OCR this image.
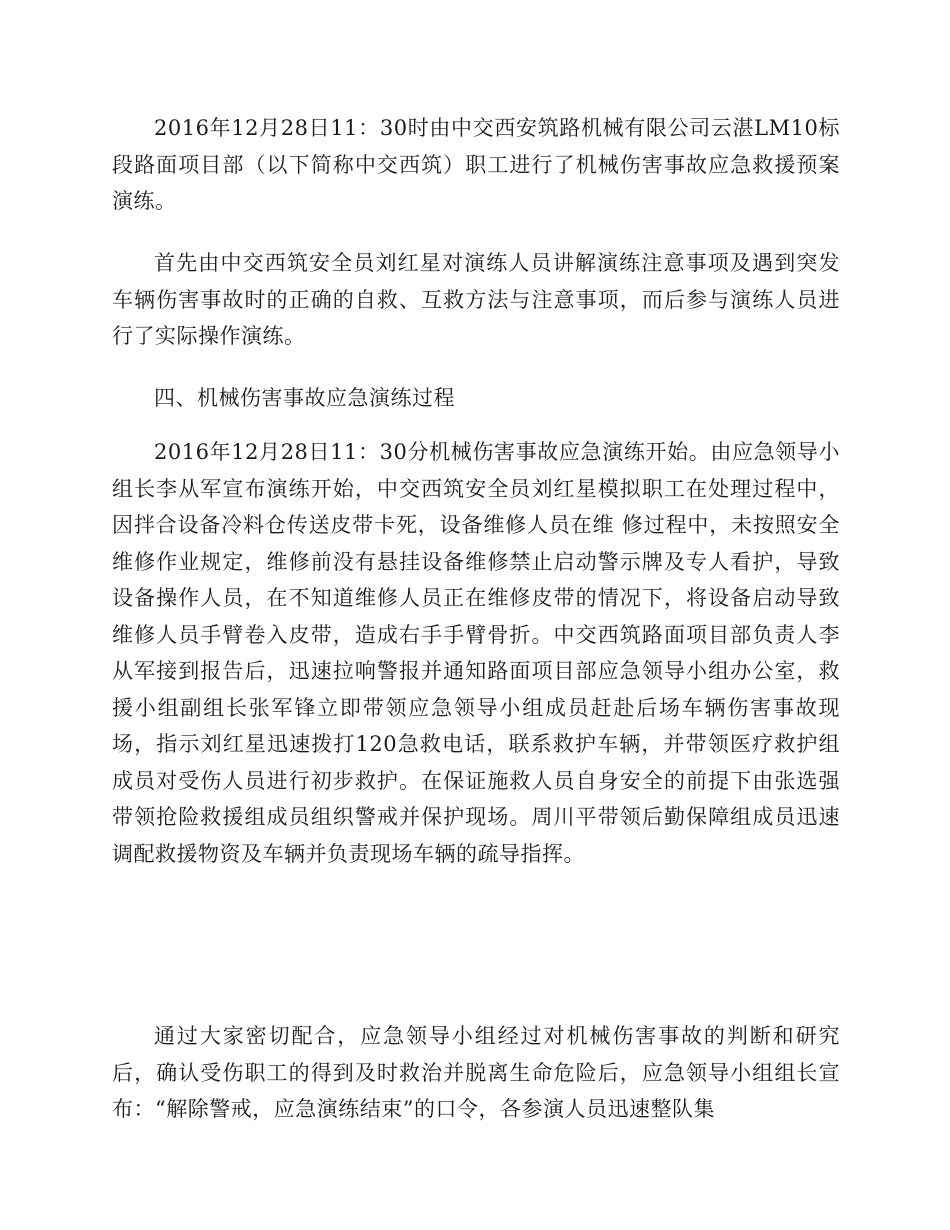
2016年12月28日11：30时由中交西安筑路机械有限公司云湛LM10标段路面项目部（以下简称中交西筑）职工进行了机械伤害事故应急救援预案演练。

首先由中交西筑安全员刘红星对演练人员讲解演练注意事项及遇到突发车辆伤害事故时的正确的自救、互救方法与注意事项，而后参与演练人员进行了实际操作演练。

四、机械伤害事故应急演练过程

2016年12月28日11：30分机械伤害事故应急演练开始。由应急领导小组长李从军宣布演练开始，中交西筑安全员刘红星模拟职工在处理过程中，因拌合设备冷料仓传送皮带卡死，设备维修人员在维 修过程中，未按照安全维修作业规定，维修前没有悬挂设备维修禁止启动警示牌及专人看护，导致设备操作人员，在不知道维修人员正在维修皮带的情况下，将设备启动导致维修人员手臂卷入皮带，造成右手手臂骨折。中交西筑路面项目部负责人李从军接到报告后，迅速拉响警报并通知路面项目部应急领导小组办公室，救援小组副组长张军锋立即带领应急领导小组成员赶赴后场车辆伤害事故现场，指示刘红星迅速拨打120急救电话，联系救护车辆，并带领医疗救护组成员对受伤人员进行初步救护。在保证施救人员自身安全的前提下由张选强带领抢险救援组成员组织警戒并保护现场。周川平带领后勤保障组成员迅速调配救援物资及车辆并负责现场车辆的疏导指挥。

通过大家密切配合，应急领导小组经过对机械伤害事故的判断和研究后，确认受伤职工的得到及时救治并脱离生命危险后，应急领导小组组长宣布：“解除警戒，应急演练结束”的口令，各参演人员迅速整队集
